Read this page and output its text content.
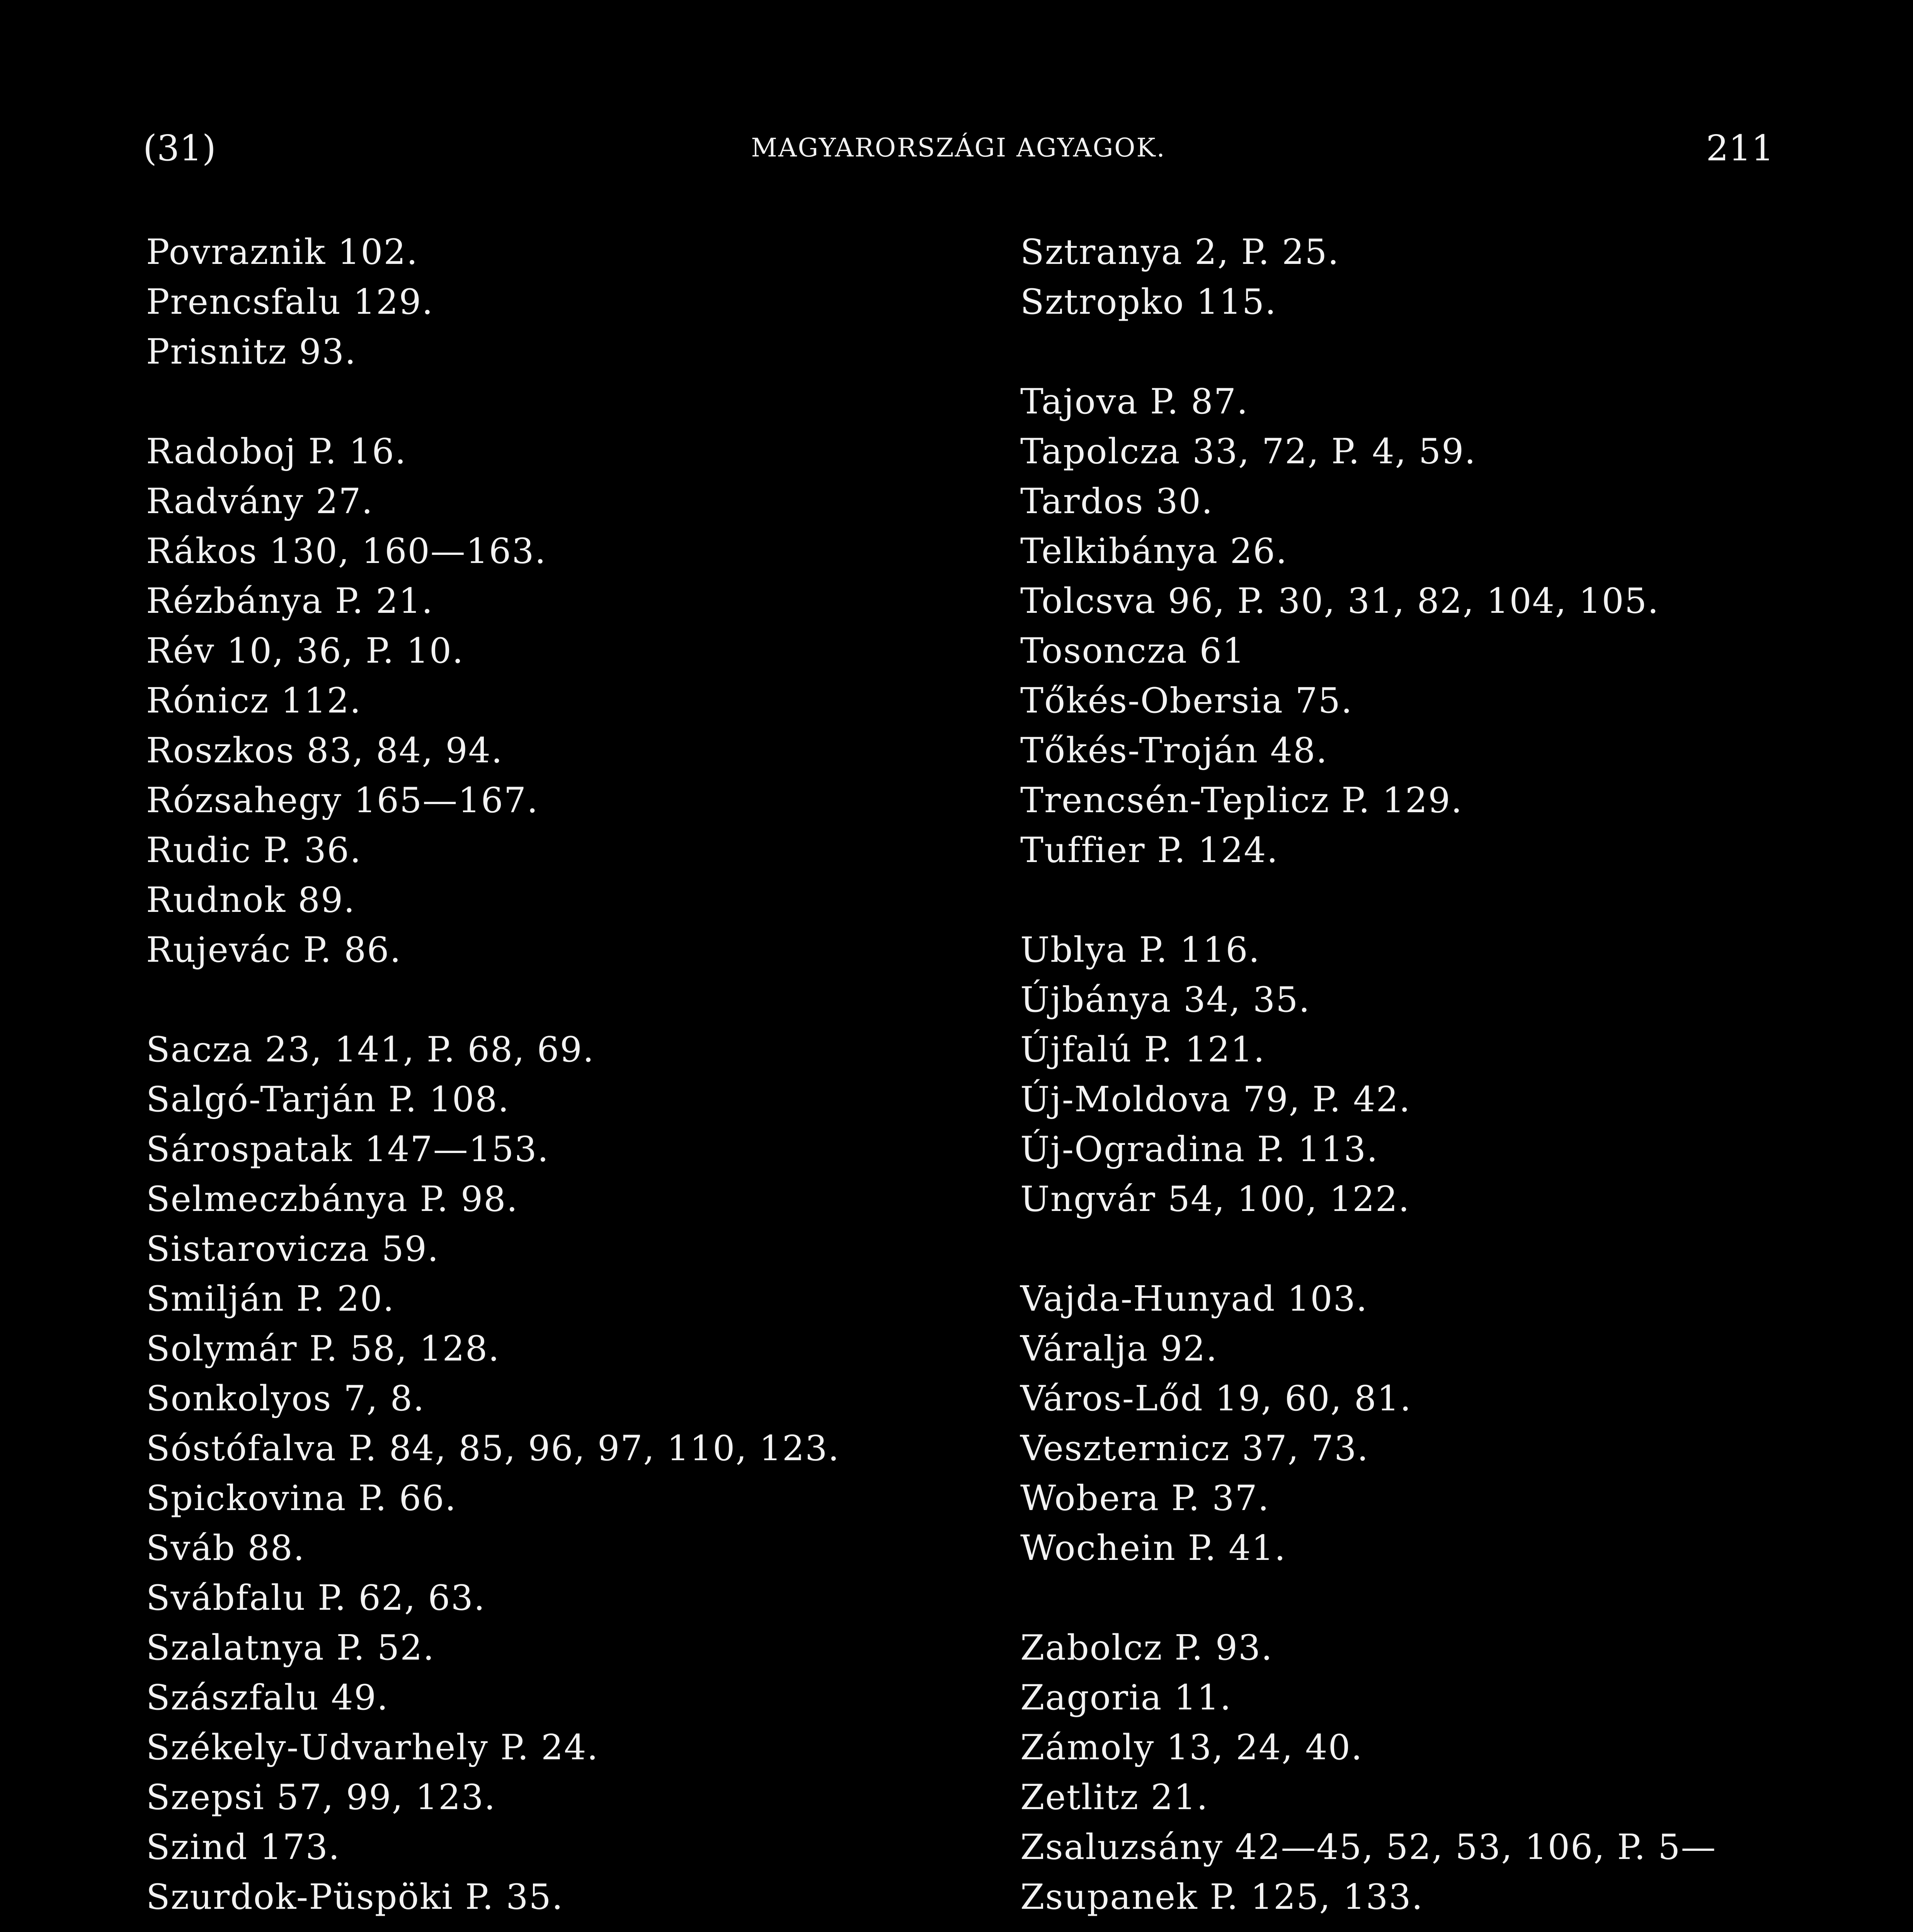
(31)	MAGYARORSZÁGI AGYAGOK.	211
Povraznik 102.
Prencsfalu 129.
Prisnitz 93.
Radoboj P. 16.
Radvány 27.
Rákos 130, 160—163.
Rézbánya P. 21.
Rév 10, 36, P. 10.
Rónicz 112.
Roszkos 83, 84, 94.
Rózsahegy 165—167.
Rudic P. 36.
Rudnok 89.
Rujevác P. 86.
Sacza 23, 141, P. 68, 69.
Salgó-Tarján P. 108.
Sárospatak 147—153.
Selmeczbánya P. 98.
Sistarovicza 59.
Smilján P. 20.
Solymár P. 58, 128.
Sonkolyos 7, 8.
Sóstófalva P. 84, 85, 96, 97, 110, 123.
Spickovina P. 66.
Sváb 88.
Svábfalu P. 62, 63.
Szalatnya P. 52.
Szászfalu 49.
Székely-Udvarhely P. 24.
Szepsi 57, 99, 123.
Szind 173.
Szurdok-Püspöki P. 35.
Sztranya 2, P. 25.
Sztropko 115.
Tajova P. 87.
Tapolcza 33, 72, P. 4, 59.
Tardos 30.
Telkibánya 26.
Tolcsva 96, P. 30, 31, 82, 104, 105.
Tosoncza 61
Tőkés-Obersia 75.
Tőkés-Troján 48.
Trencsén-Teplicz P. 129.
Tuffier P. 124.
Ublya P. 116.
Újbánya 34, 35.
Újfalú P. 121.
Új-Moldova 79, P. 42.
Új-Ogradina P. 113.
Ungvár 54, 100, 122.
Vajda-Hunyad 103.
Váralja 92.
Város-Lőd 19, 60, 81.
Veszternicz 37, 73.
Wobera P. 37.
Wochein P. 41.
Zabolcz P. 93.
Zagoria 11.
Zámoly 13, 24, 40.
Zetlitz 21.
Zsaluzsány 42—45, 52, 53, 106, P. 5—
Zsupanek P. 125, 133.
